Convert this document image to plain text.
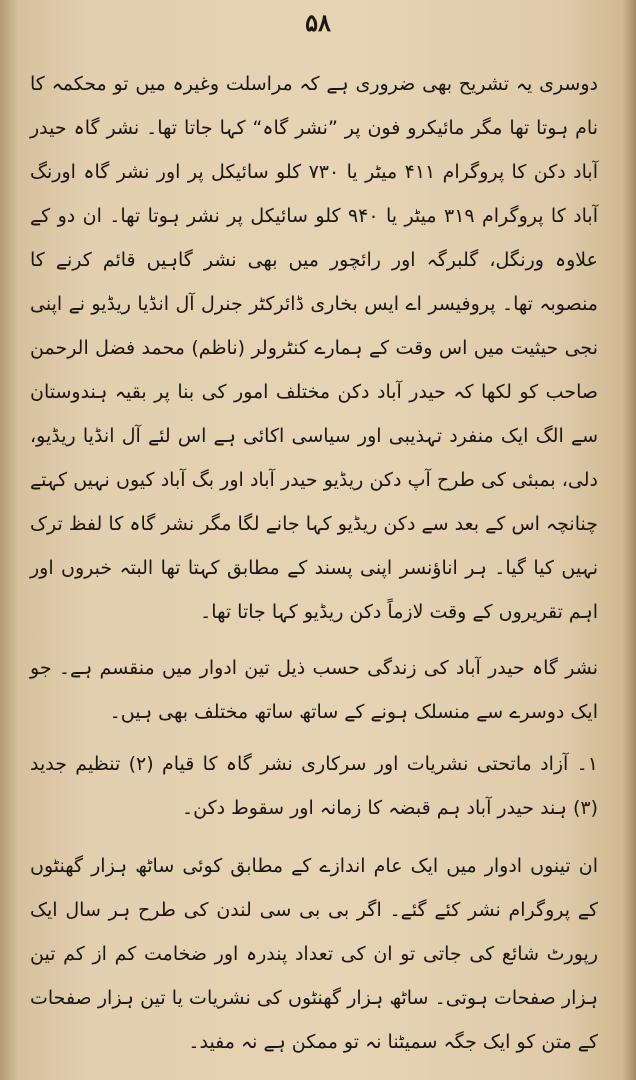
۵۸

دوسری یہ تشریح بھی ضروری ہے کہ مراسلت وغیرہ میں تو محکمہ کا نام ہوتا تھا مگر مائیکرو فون پر ”نشر گاہ“ کہا جاتا تھا۔ نشر گاہ حیدر آباد دکن کا پروگرام ۴۱۱ میٹر یا ۷۳۰ کلو سائیکل پر اور نشر گاہ اورنگ آباد کا پروگرام ۳۱۹ میٹر یا ۹۴۰ کلو سائیکل پر نشر ہوتا تھا۔ ان دو کے علاوہ ورنگل، گلبرگہ اور رائچور میں بھی نشر گاہیں قائم کرنے کا منصوبہ تھا۔ پروفیسر اے ایس بخاری ڈائرکٹر جنرل آل انڈیا ریڈیو نے اپنی نجی حیثیت میں اس وقت کے ہمارے کنٹرولر (ناظم) محمد فضل الرحمن صاحب کو لکھا کہ حیدر آباد دکن مختلف امور کی بنا پر بقیہ ہندوستان سے الگ ایک منفرد تہذیبی اور سیاسی اکائی ہے اس لئے آل انڈیا ریڈیو، دلی، بمبئی کی طرح آپ دکن ریڈیو حیدر آباد اور بگ آباد کیوں نہیں کہتے چنانچہ اس کے بعد سے دکن ریڈیو کہا جانے لگا مگر نشر گاہ کا لفظ ترک نہیں کیا گیا۔ ہر اناؤنسر اپنی پسند کے مطابق کہتا تھا البتہ خبروں اور اہم تقریروں کے وقت لازماً دکن ریڈیو کہا جاتا تھا۔

نشر گاہ حیدر آباد کی زندگی حسب ذیل تین ادوار میں منقسم ہے۔ جو ایک دوسرے سے منسلک ہونے کے ساتھ ساتھ مختلف بھی ہیں۔

۱۔ آزاد ماتحتی نشریات اور سرکاری نشر گاہ کا قیام (۲) تنظیم جدید (۳) ہند حیدر آباد ہم قبضہ کا زمانہ اور سقوط دکن۔

ان تینوں ادوار میں ایک عام اندازے کے مطابق کوئی ساٹھ ہزار گھنٹوں کے پروگرام نشر کئے گئے۔ اگر بی بی سی لندن کی طرح ہر سال ایک رپورٹ شائع کی جاتی تو ان کی تعداد پندرہ اور ضخامت کم از کم تین ہزار صفحات ہوتی۔ ساٹھ ہزار گھنٹوں کی نشریات یا تین ہزار صفحات کے متن کو ایک جگہ سمیٹنا نہ تو ممکن ہے نہ مفید۔
